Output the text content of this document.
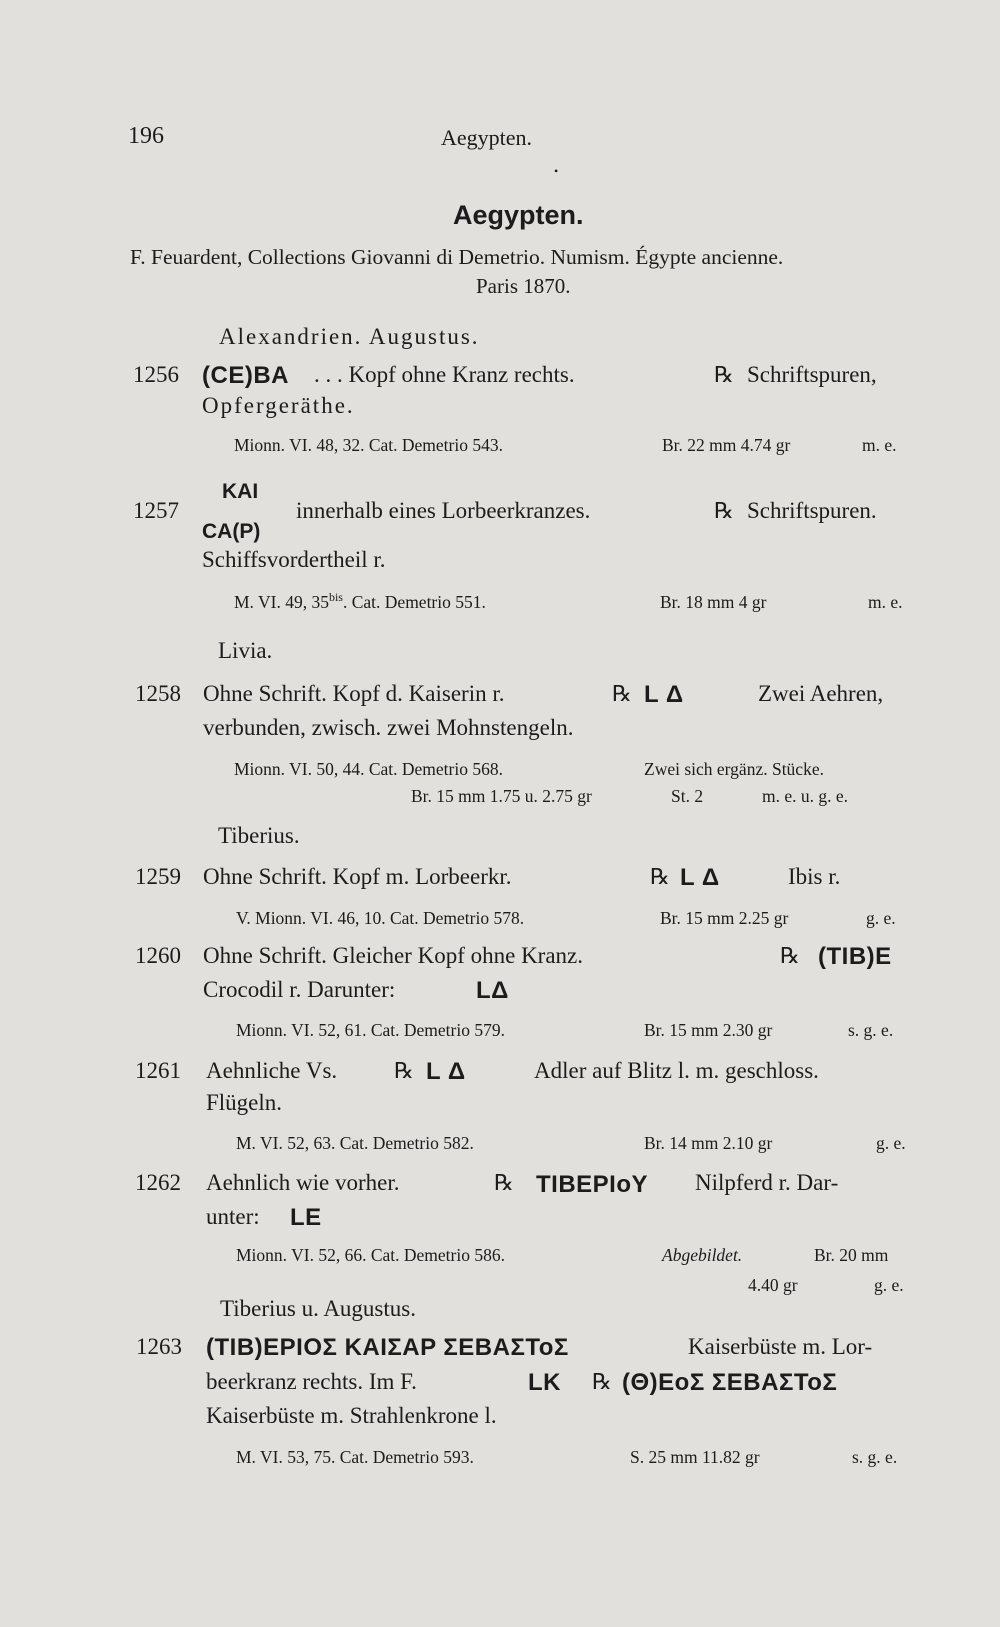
196	Aegypten.
•
Aegypten.
F. Feuardent, Collections Giovanni di Demetrio. Numism. Égypte ancienne.
Paris 1870.
Alexandrien. Augustus.
1256 (CE)BA . . . Kopf ohne Kranz rechts.	℞ Schriftspuren,
Opfergeräthe.
Mionn. VI. 48, 32. Cat. Demetrio 543.	Br. 22 mm 4.74 gr	m. e.
KAI
1257
CA(P)
innerhalb eines Lorbeerkranzes.	℞ Schriftspuren.
Schiffsvordertheil r.
M. VI. 49, $35^{bis}$. Cat. Demetrio 551.	Br. 18 mm 4 gr	m. e.
Livia.
1258 Ohne Schrift. Kopf d. Kaiserin r.	℞ L Δ	Zwei Aehren,
verbunden, zwisch. zwei Mohnstengeln.
Mionn. VI. 50, 44. Cat. Demetrio 568.	Zwei sich ergänz. Stücke.
Br. 15 mm 1.75 u. 2.75 gr	St. 2	m. e. u. g. e.
Tiberius.
1259 Ohne Schrift. Kopf m. Lorbeerkr.	℞ L Δ	Ibis r.
V. Mionn. VI. 46, 10. Cat. Demetrio 578.	Br. 15 mm 2.25 gr	g. e.
1260 Ohne Schrift. Gleicher Kopf ohne Kranz.	℞ (TIB)E
Crocodil r. Darunter:	LΔ
Mionn. VI. 52, 61. Cat. Demetrio 579.	Br. 15 mm 2.30 gr	s. g. e.
1261 Aehnliche Vs.	℞ L Δ	Adler auf Blitz l. m. geschloss.
Flügeln.
M. VI. 52, 63. Cat. Demetrio 582.	Br. 14 mm 2.10 gr	g. e.
1262 Aehnlich wie vorher.	℞ TIBEPIoY Nilpferd r. Dar-
unter: LE
Mionn. VI. 52, 66. Cat. Demetrio 586.	Abgebildet.	Br. 20 mm
4.40 gr	g. e.
Tiberius u. Augustus.
1263 (TIB)EPIOΣ KAIΣAP ΣEBAΣToΣ	Kaiserbüste m. Lor-
beerkranz rechts. Im F.	LK ℞ (Θ)EoΣ ΣEBAΣToΣ
Kaiserbüste m. Strahlenkrone l.
M. VI. 53, 75. Cat. Demetrio 593.	S. 25 mm 11.82 gr	s. g. e.
